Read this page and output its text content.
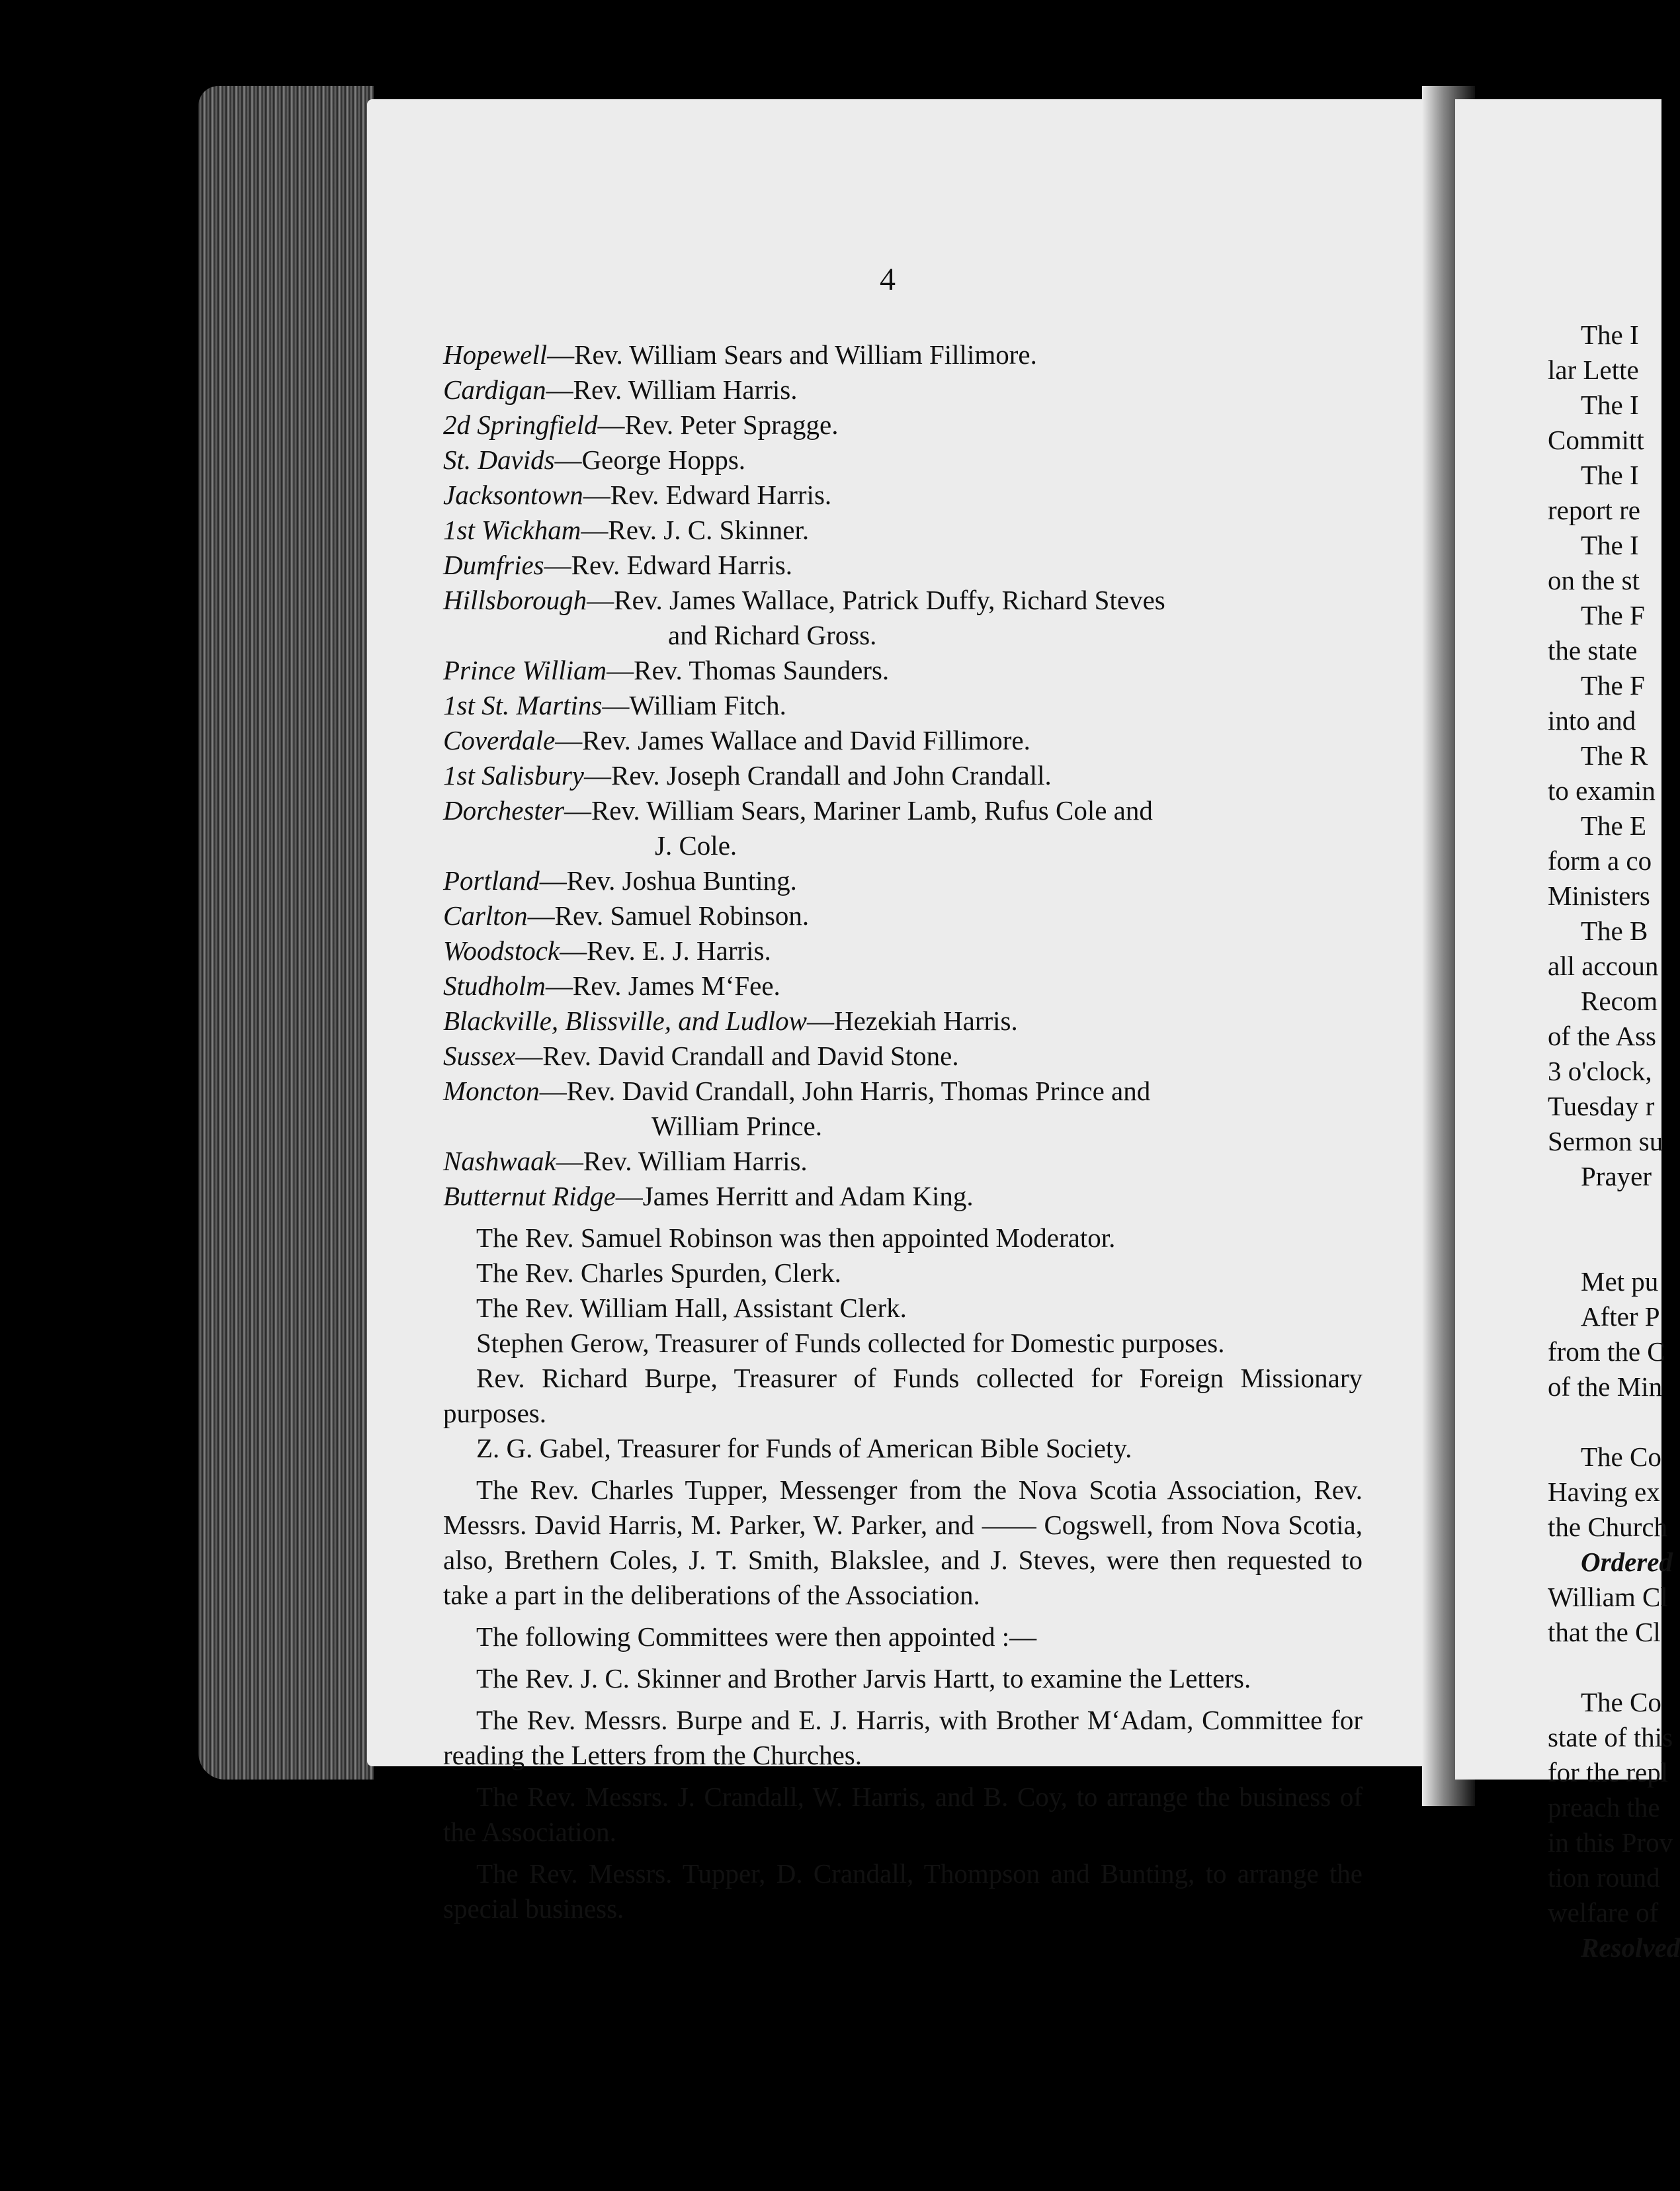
4
Hopewell—Rev. William Sears and William Fillimore.
Cardigan—Rev. William Harris.
2d Springfield—Rev. Peter Spragge.
St. Davids—George Hopps.
Jacksontown—Rev. Edward Harris.
1st Wickham—Rev. J. C. Skinner.
Dumfries—Rev. Edward Harris.
Hillsborough—Rev. James Wallace, Patrick Duffy, Richard Steves
and Richard Gross.
Prince William—Rev. Thomas Saunders.
1st St. Martins—William Fitch.
Coverdale—Rev. James Wallace and David Fillimore.
1st Salisbury—Rev. Joseph Crandall and John Crandall.
Dorchester—Rev. William Sears, Mariner Lamb, Rufus Cole and
J. Cole.
Portland—Rev. Joshua Bunting.
Carlton—Rev. Samuel Robinson.
Woodstock—Rev. E. J. Harris.
Studholm—Rev. James M‘Fee.
Blackville, Blissville, and Ludlow—Hezekiah Harris.
Sussex—Rev. David Crandall and David Stone.
Moncton—Rev. David Crandall, John Harris, Thomas Prince and
William Prince.
Nashwaak—Rev. William Harris.
Butternut Ridge—James Herritt and Adam King.

The Rev. Samuel Robinson was then appointed Moderator.

The Rev. Charles Spurden, Clerk.

The Rev. William Hall, Assistant Clerk.

Stephen Gerow, Treasurer of Funds collected for Domestic purposes.

Rev. Richard Burpe, Treasurer of Funds collected for Foreign Missionary purposes.

Z. G. Gabel, Treasurer for Funds of American Bible Society.

The Rev. Charles Tupper, Messenger from the Nova Scotia Association, Rev. Messrs. David Harris, M. Parker, W. Parker, and —— Cogswell, from Nova Scotia, also, Brethern Coles, J. T. Smith, Blakslee, and J. Steves, were then requested to take a part in the deliberations of the Association.

The following Committees were then appointed :—

The Rev. J. C. Skinner and Brother Jarvis Hartt, to examine the Letters.

The Rev. Messrs. Burpe and E. J. Harris, with Brother M‘Adam, Committee for reading the Letters from the Churches.

The Rev. Messrs. J. Crandall, W. Harris, and B. Coy, to arrange the business of the Association.

The Rev. Messrs. Tupper, D. Crandall, Thompson and Bunting, to arrange the special business.

The I
lar Lette
The I
Committ
The I
report re
The I
on the st
The F
the state
The F
into and
The R
to examin
The E
form a co
Ministers
The B
all accoun
Recom
of the Ass
3 o'clock,
Tuesday r
Sermon su
Prayer
Met pu
After P
from the C
of the Min
The Co
Having ex
the Church
Ordered
William Cl
that the Cl
The Co
state of this
for the repl
preach the
in this Prov
tion round
welfare of
Resolved
